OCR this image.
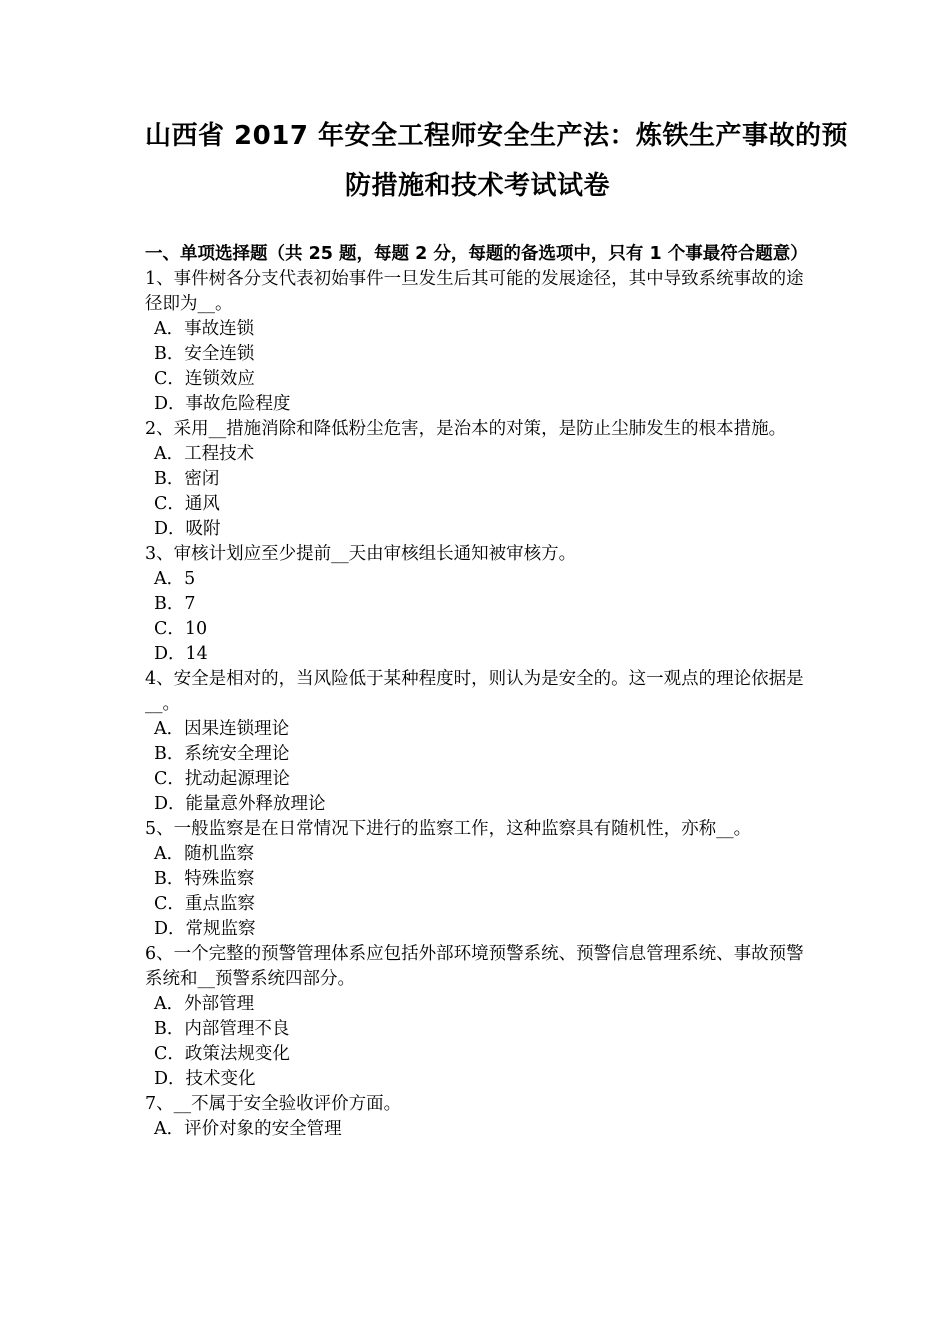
山西省 2017 年安全工程师安全生产法：炼铁生产事故的预
防措施和技术考试试卷
一、单项选择题（共 25 题，每题 2 分，每题的备选项中，只有 1 个事最符合题意）
1、事件树各分支代表初始事件一旦发生后其可能的发展途径，其中导致系统事故的途径即为__。
A．事故连锁
B．安全连锁
C．连锁效应
D．事故危险程度
2、采用__措施消除和降低粉尘危害，是治本的对策，是防止尘肺发生的根本措施。
A．工程技术
B．密闭
C．通风
D．吸附
3、审核计划应至少提前__天由审核组长通知被审核方。
A．5
B．7
C．10
D．14
4、安全是相对的，当风险低于某种程度时，则认为是安全的。这一观点的理论依据是__。
A．因果连锁理论
B．系统安全理论
C．扰动起源理论
D．能量意外释放理论
5、一般监察是在日常情况下进行的监察工作，这种监察具有随机性，亦称__。
A．随机监察
B．特殊监察
C．重点监察
D．常规监察
6、一个完整的预警管理体系应包括外部环境预警系统、预警信息管理系统、事故预警系统和__预警系统四部分。
A．外部管理
B．内部管理不良
C．政策法规变化
D．技术变化
7、__不属于安全验收评价方面。
A．评价对象的安全管理
